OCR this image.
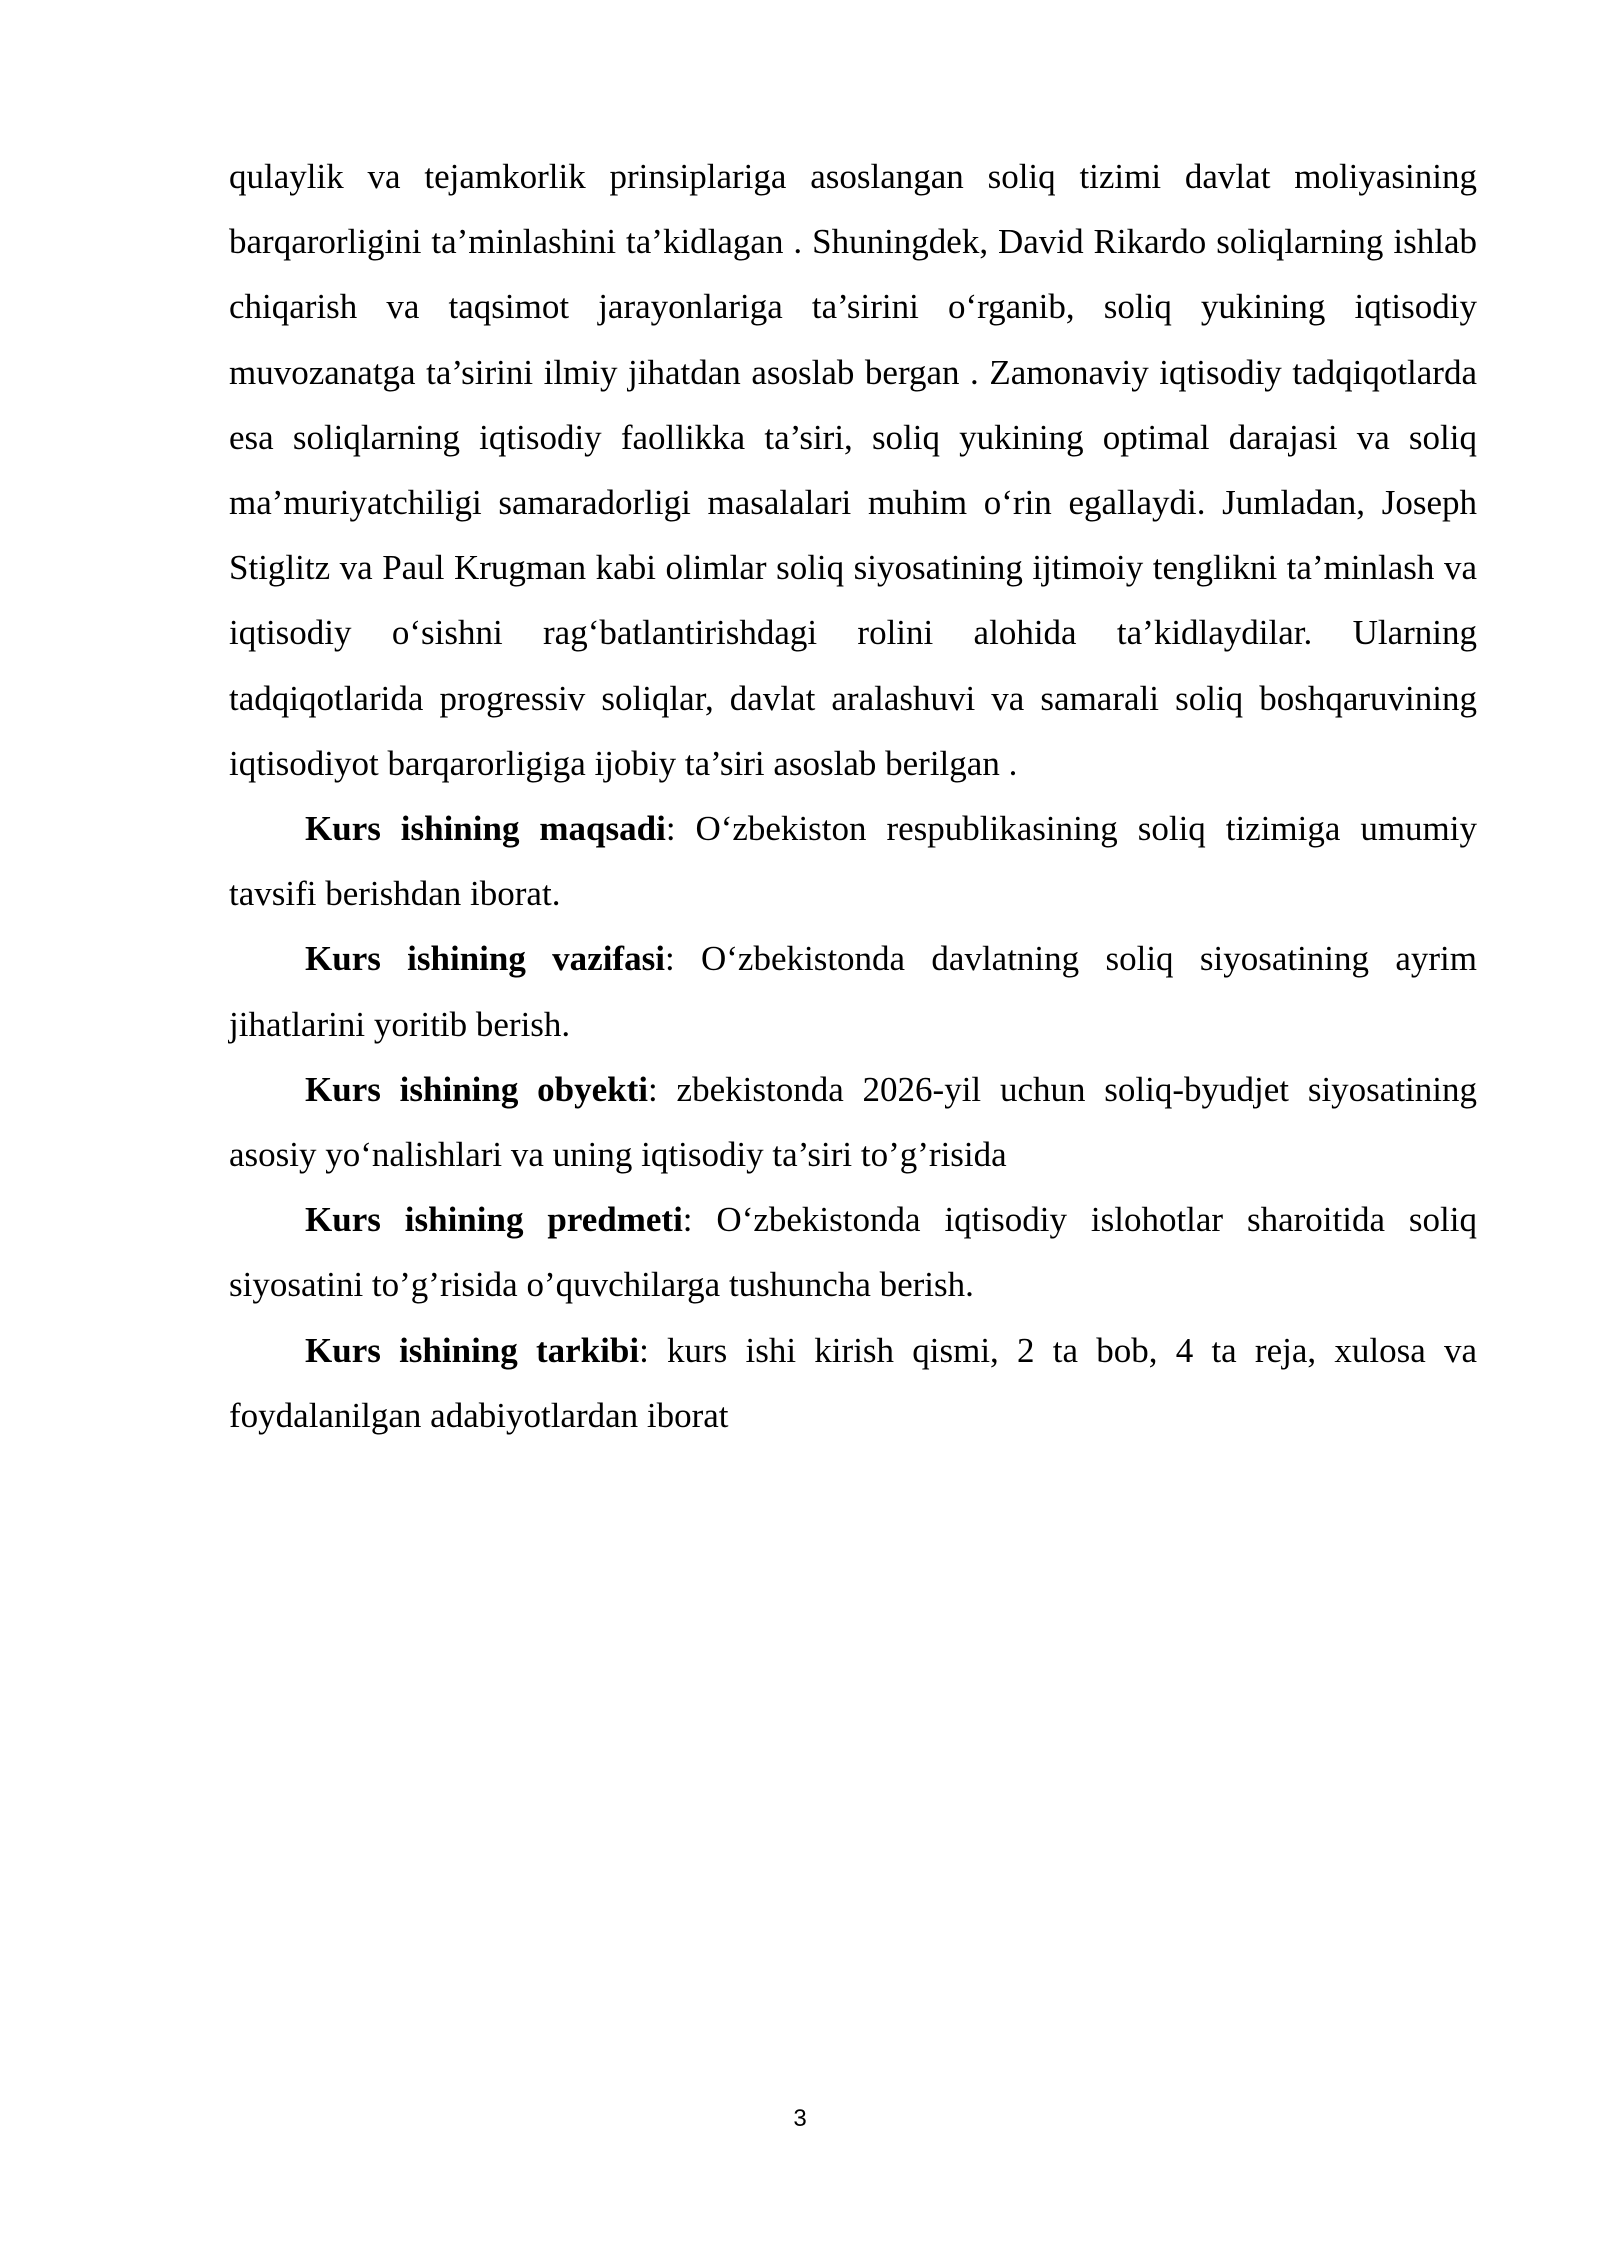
qulaylik va tejamkorlik prinsiplariga asoslangan soliq tizimi davlat moliyasining barqarorligini ta’minlashini ta’kidlagan . Shuningdek, David Rikardo soliqlarning ishlab chiqarish va taqsimot jarayonlariga ta’sirini o‘rganib, soliq yukining iqtisodiy muvozanatga ta’sirini ilmiy jihatdan asoslab bergan . Zamonaviy iqtisodiy tadqiqotlarda esa soliqlarning iqtisodiy faollikka ta’siri, soliq yukining optimal darajasi va soliq ma’muriyatchiligi samaradorligi masalalari muhim o‘rin egallaydi. Jumladan, Joseph Stiglitz va Paul Krugman kabi olimlar soliq siyosatining ijtimoiy tenglikni ta’minlash va iqtisodiy o‘sishni rag‘batlantirishdagi rolini alohida ta’kidlaydilar. Ularning tadqiqotlarida progressiv soliqlar, davlat aralashuvi va samarali soliq boshqaruvining iqtisodiyot barqarorligiga ijobiy ta’siri asoslab berilgan .

Kurs ishining maqsadi: O‘zbekiston respublikasining soliq tizimiga umumiy tavsifi berishdan iborat.

Kurs ishining vazifasi: O‘zbekistonda davlatning soliq siyosatining ayrim jihatlarini yoritib berish.

Kurs ishining obyekti: zbekistonda 2026-yil uchun soliq-byudjet siyosatining asosiy yo‘nalishlari va uning iqtisodiy ta’siri to’g’risida

Kurs ishining predmeti: O‘zbekistonda iqtisodiy islohotlar sharoitida soliq siyosatini to’g’risida o’quvchilarga tushuncha berish.

Kurs ishining tarkibi: kurs ishi kirish qismi, 2 ta bob, 4 ta reja, xulosa va foydalanilgan adabiyotlardan iborat

3
